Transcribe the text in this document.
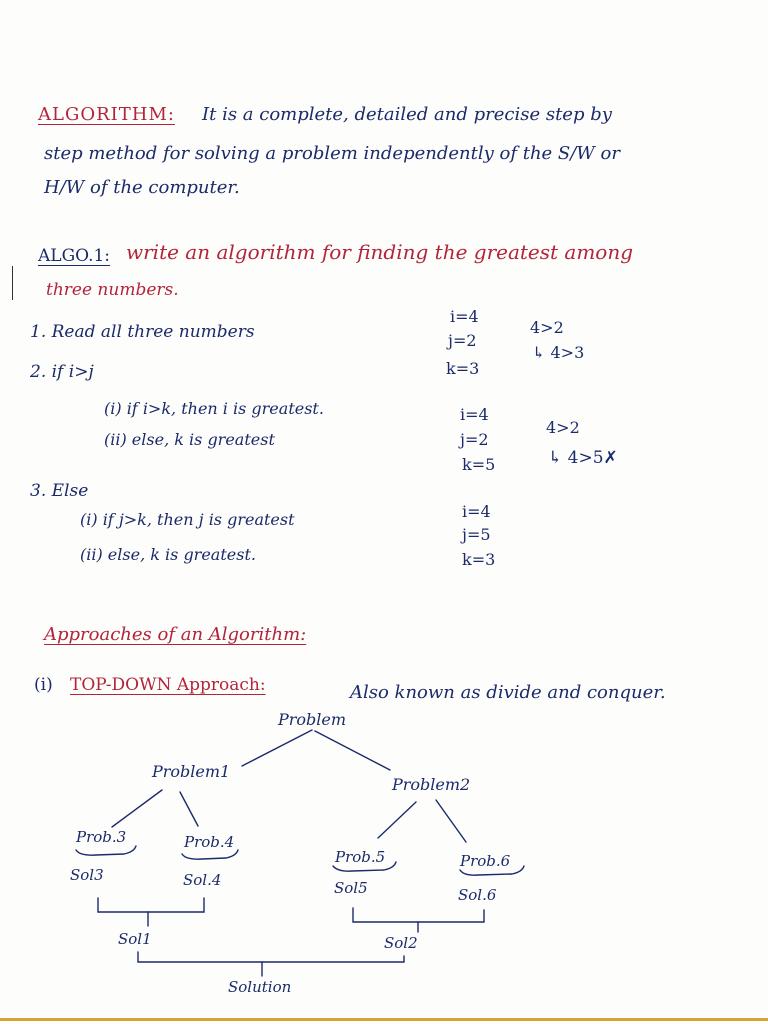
ALGORITHM: It is a complete, detailed and precise step by
step method for solving a problem independently of the S/W or
H/W of the computer.
ALGO.1: write an algorithm for finding the greatest among
three numbers.
1. Read all three numbers
2. if i>j
(i) if i>k, then i is greatest.
(ii) else, k is greatest
3. Else
(i) if j>k, then j is greatest
(ii) else, k is greatest.
i=4
j=2
k=3
4>2
↳ 4>3
i=4
j=2
k=5
4>2
↳ 4>5✗
i=4
j=5
k=3
Approaches of an Algorithm:
(i) TOP-DOWN Approach:	Also known as divide and conquer.
Problem
Problem1
Problem2
Prob.3	Prob.4
Prob.5	Prob.6
Sol3	Sol.4	Sol5	Sol.6
Sol1	Sol2
Solution
